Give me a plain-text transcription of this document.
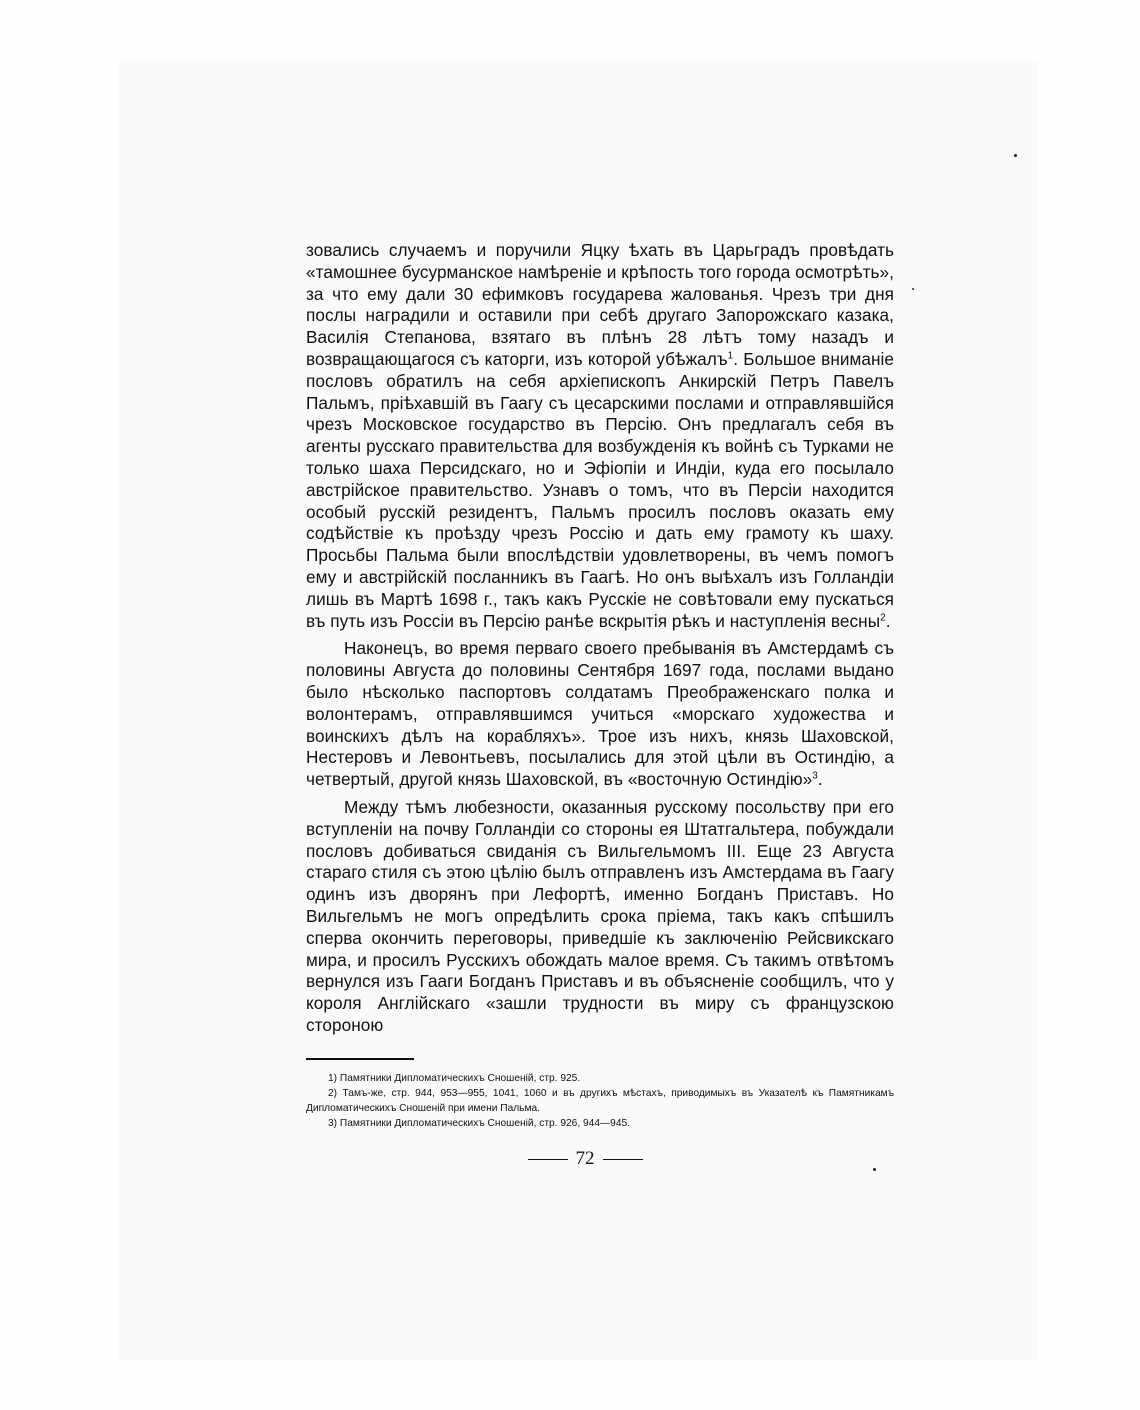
зовались случаемъ и поручили Яцку ѣхать въ Царьградъ провѣдать «тамошнее бусурманское намѣреніе и крѣпость того города осмотрѣть», за что ему дали 30 ефимковъ государева жалованья. Чрезъ три дня послы наградили и оставили при себѣ другаго Запорожскаго казака, Василія Степанова, взятаго въ плѣнъ 28 лѣтъ тому назадъ и возвращающагося съ каторги, изъ которой убѣжалъ$^1$. Большое вниманіе пословъ обратилъ на себя архіепископъ Анкирскій Петръ Павелъ Пальмъ, пріѣхавшій въ Гаагу съ цесарскими послами и отправлявшійся чрезъ Московское государство въ Персію. Онъ предлагалъ себя въ агенты русскаго правительства для возбужденія къ войнѣ съ Турками не только шаха Персидскаго, но и Эфіопіи и Индіи, куда его посылало австрійское правительство. Узнавъ о томъ, что въ Персіи находится особый русскій резидентъ, Пальмъ просилъ пословъ оказать ему содѣйствіе къ проѣзду чрезъ Россію и дать ему грамоту къ шаху. Просьбы Пальма были впослѣдствіи удовлетворены, въ чемъ помогъ ему и австрійскій посланникъ въ Гаагѣ. Но онъ выѣхалъ изъ Голландіи лишь въ Мартѣ 1698 г., такъ какъ Русскіе не совѣтовали ему пускаться въ путь изъ Россіи въ Персію ранѣе вскрытія рѣкъ и наступленія весны$^2$.

Наконецъ, во время перваго своего пребыванія въ Амстердамѣ съ половины Августа до половины Сентября 1697 года, послами выдано было нѣсколько паспортовъ солдатамъ Преображенскаго полка и волонтерамъ, отправлявшимся учиться «морскаго художества и воинскихъ дѣлъ на корабляхъ». Трое изъ нихъ, князь Шаховской, Нестеровъ и Левонтьевъ, посылались для этой цѣли въ Остиндію, а четвертый, другой князь Шаховской, въ «восточную Остиндію»$^3$.

Между тѣмъ любезности, оказанныя русскому посольству при его вступленіи на почву Голландіи со стороны ея Штатгальтера, побуждали пословъ добиваться свиданія съ Вильгельмомъ III. Еще 23 Августа стараго стиля съ этою цѣлію былъ отправленъ изъ Амстердама въ Гаагу одинъ изъ дворянъ при Лефортѣ, именно Богданъ Приставъ. Но Вильгельмъ не могъ опредѣлить срока пріема, такъ какъ спѣшилъ сперва окончить переговоры, приведшіе къ заключенію Рейсвикскаго мира, и просилъ Русскихъ обождать малое время. Съ такимъ отвѣтомъ вернулся изъ Гааги Богданъ Приставъ и въ объясненіе сообщилъ, что у короля Англійскаго «зашли трудности въ миру съ французскою стороною

1) Памятники Дипломатическихъ Сношеній, стр. 925.

2) Тамъ-же, стр. 944, 953—955, 1041, 1060 и въ другихъ мѣстахъ, приводимыхъ въ Указателѣ къ Памятникамъ Дипломатическихъ Сношеній при имени Пальма.

3) Памятники Дипломатическихъ Сношеній, стр. 926, 944—945.

72
